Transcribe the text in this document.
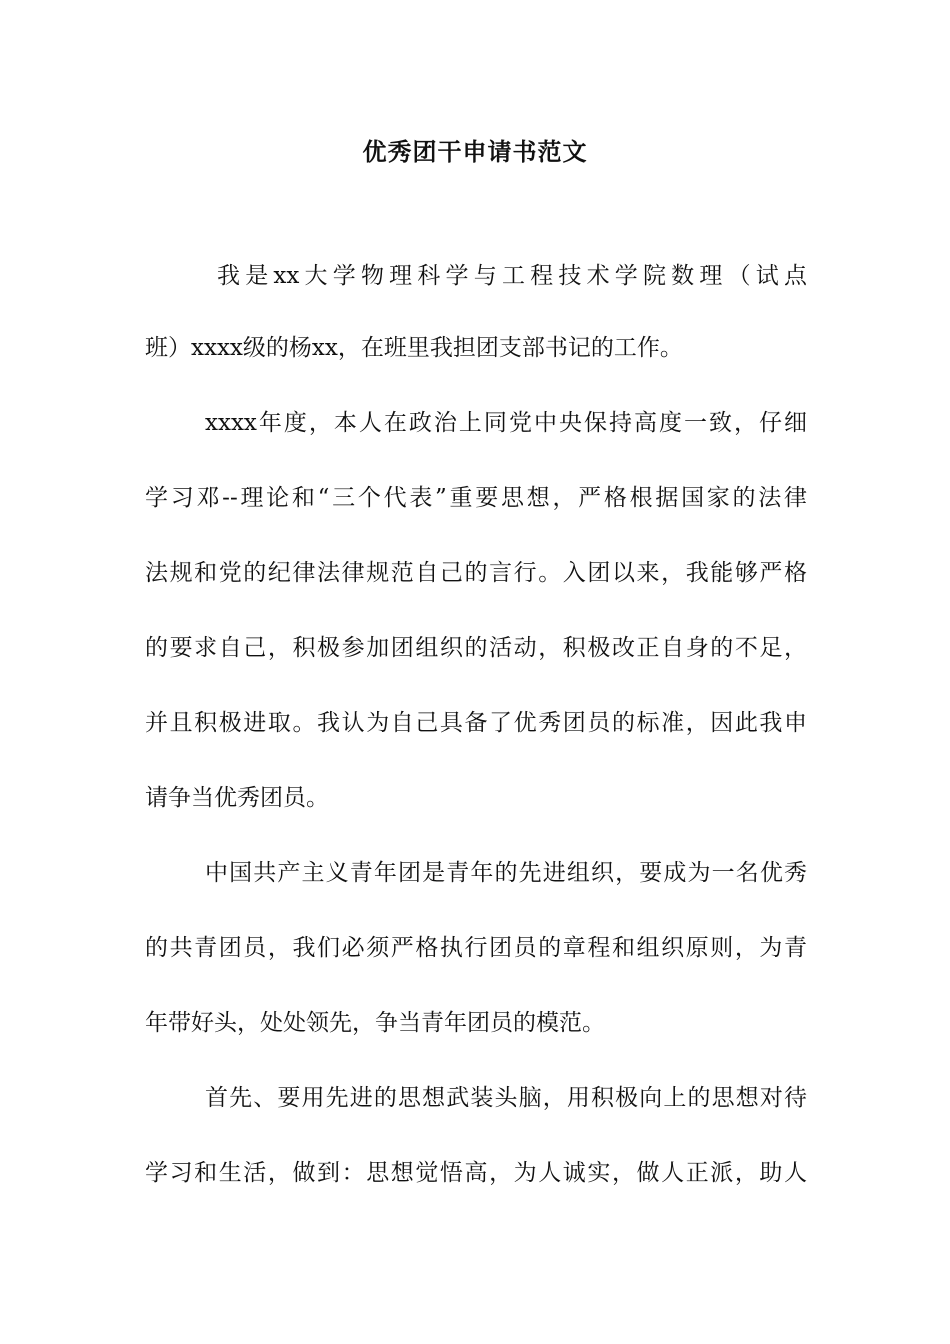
优秀团干申请书范文
我是xx大学物理科学与工程技术学院数理（试点
班）xxxx级的杨xx，在班里我担团支部书记的工作。
xxxx年度，本人在政治上同党中央保持高度一致，仔细
学习邓--理论和“三个代表”重要思想，严格根据国家的法律
法规和党的纪律法律规范自己的言行。入团以来，我能够严格
的要求自己，积极参加团组织的活动，积极改正自身的不足，
并且积极进取。我认为自己具备了优秀团员的标准，因此我申
请争当优秀团员。
中国共产主义青年团是青年的先进组织，要成为一名优秀
的共青团员，我们必须严格执行团员的章程和组织原则，为青
年带好头，处处领先，争当青年团员的模范。
首先、要用先进的思想武装头脑，用积极向上的思想对待
学习和生活，做到：思想觉悟高，为人诚实，做人正派，助人
